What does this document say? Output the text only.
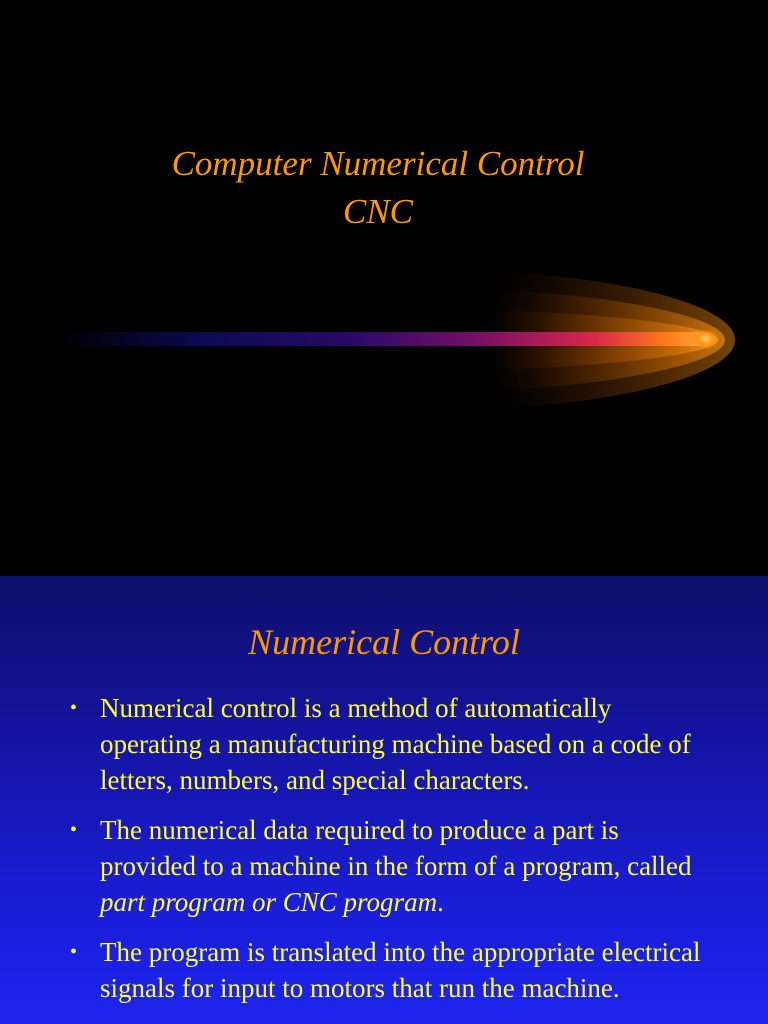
Computer Numerical Control
CNC
Numerical Control
• Numerical control is a method of automatically operating a manufacturing machine based on a code of letters, numbers, and special characters.
• The numerical data required to produce a part is provided to a machine in the form of a program, called part program or CNC program.
• The program is translated into the appropriate electrical signals for input to motors that run the machine.
